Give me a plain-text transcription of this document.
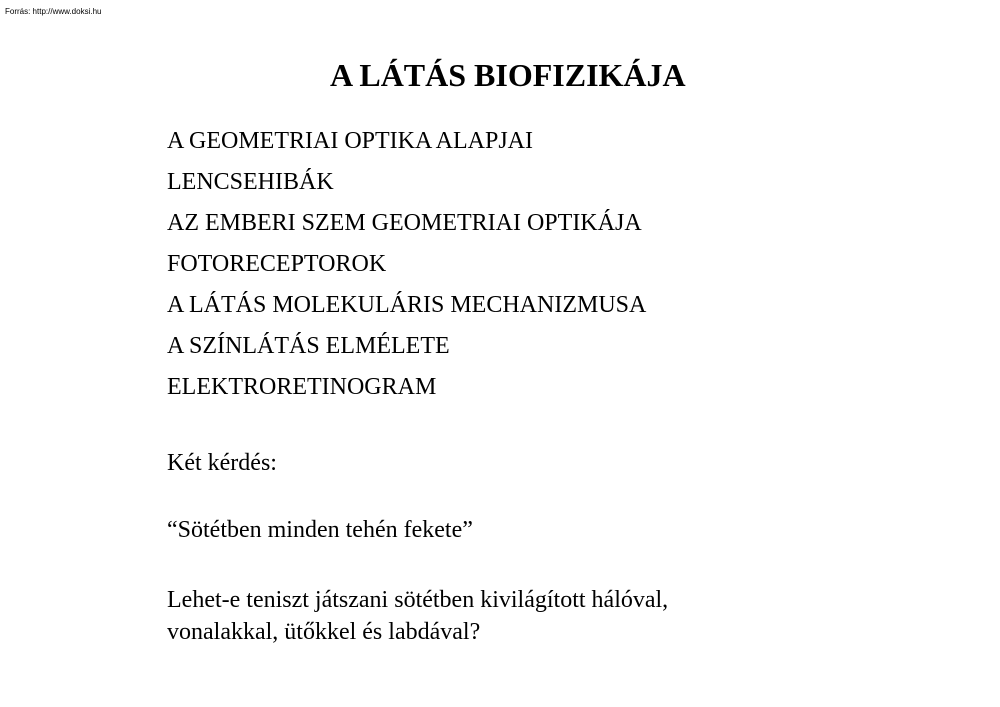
Forrás: http://www.doksi.hu
A LÁTÁS BIOFIZIKÁJA
A GEOMETRIAI OPTIKA ALAPJAI
LENCSEHIBÁK
AZ EMBERI SZEM GEOMETRIAI OPTIKÁJA
FOTORECEPTOROK
A LÁTÁS MOLEKULÁRIS MECHANIZMUSA
A SZÍNLÁTÁS ELMÉLETE
ELEKTRORETINOGRAM

Két kérdés:

“Sötétben minden tehén fekete”

Lehet-e teniszt játszani sötétben kivilágított hálóval,
vonalakkal, ütőkkel és labdával?
